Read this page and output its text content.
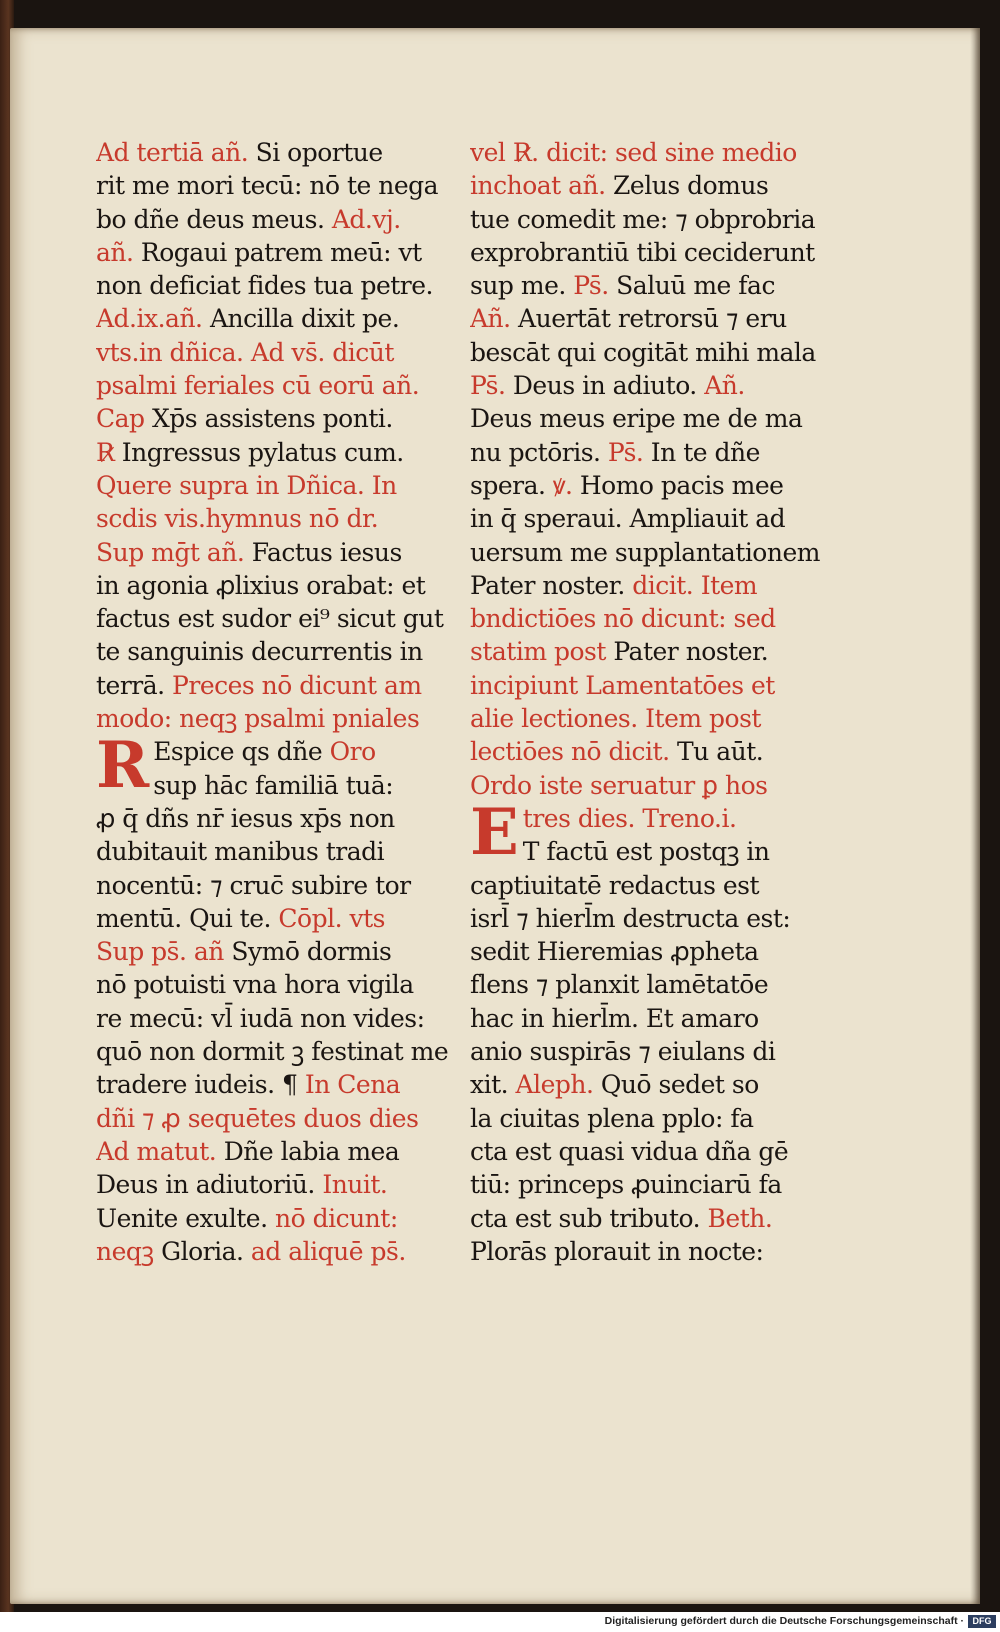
Ad tertiā añ. Si oportue
rit me mori tecū: nō te nega
bo dñe deus meus. Ad.vj.
añ. Rogaui patrem meū: vt
non deficiat fides tua petre.
Ad.ix.añ. Ancilla dixit pe.
vts.in dñica. Ad vs̄. dicūt
psalmi feriales cū eorū añ.
Cap Xp̄s assistens ponti.
R̷ Ingressus pylatus cum.
Quere supra in Dñica. In
scdis vis.hymnus nō dr.
Sup mḡt añ. Factus iesus
in agonia ꝓlixius orabat: et
factus est sudor ei⁹ sicut gut
te sanguinis decurrentis in
terrā. Preces nō dicunt am
modo: neqꝫ psalmi pniales
R Espice qs dñe Oro
sup hāc familiā tuā:
ꝓ q̄ dñs nr̄ iesus xp̄s non
dubitauit manibus tradi
nocentū: ⁊ cruc̄ subire tor
mentū. Qui te. Cōpl. vts
Sup ps̄. añ Symō dormis
nō potuisti vna hora vigila
re mecū: vl̄ iudā non vides:
quō non dormit ꝫ festinat me
tradere iudeis. ¶ In Cena
dñi ⁊ ꝓ sequētes duos dies
Ad matut. Dñe labia mea
Deus in adiutoriū. Inuit.
Uenite exulte. nō dicunt:
neqꝫ Gloria. ad aliquē ps̄.
vel R̷. dicit: sed sine medio
inchoat añ. Zelus domus
tue comedit me: ⁊ obprobria
exprobrantiū tibi ceciderunt
sup me. Ps̄. Saluū me fac
Añ. Auertāt retrorsū ⁊ eru
bescāt qui cogitāt mihi mala
Ps̄. Deus in adiuto. Añ.
Deus meus eripe me de ma
nu pctōris. Ps̄. In te dñe
spera. ꝟ. Homo pacis mee
in q̄ speraui. Ampliauit ad
uersum me supplantationem
Pater noster. dicit. Item
bndictiōes nō dicunt: sed
statim post Pater noster.
incipiunt Lamentatōes et
alie lectiones. Item post
lectiōes nō dicit. Tu aūt.
Ordo iste seruatur ꝑ hos
E tres dies. Treno.i.
T factū est postqꝫ in
captiuitatē redactus est
isrl̄ ⁊ hierl̄m destructa est:
sedit Hieremias ꝓpheta
flens ⁊ planxit lamētatōe
hac in hierl̄m. Et amaro
anio suspirās ⁊ eiulans di
xit. Aleph. Quō sedet so
la ciuitas plena pplo: fa
cta est quasi vidua dña gē
tiū: princeps ꝓuinciarū fa
cta est sub tributo. Beth.
Plorās plorauit in nocte:
Digitalisierung gefördert durch die Deutsche Forschungsgemeinschaft · DFG
